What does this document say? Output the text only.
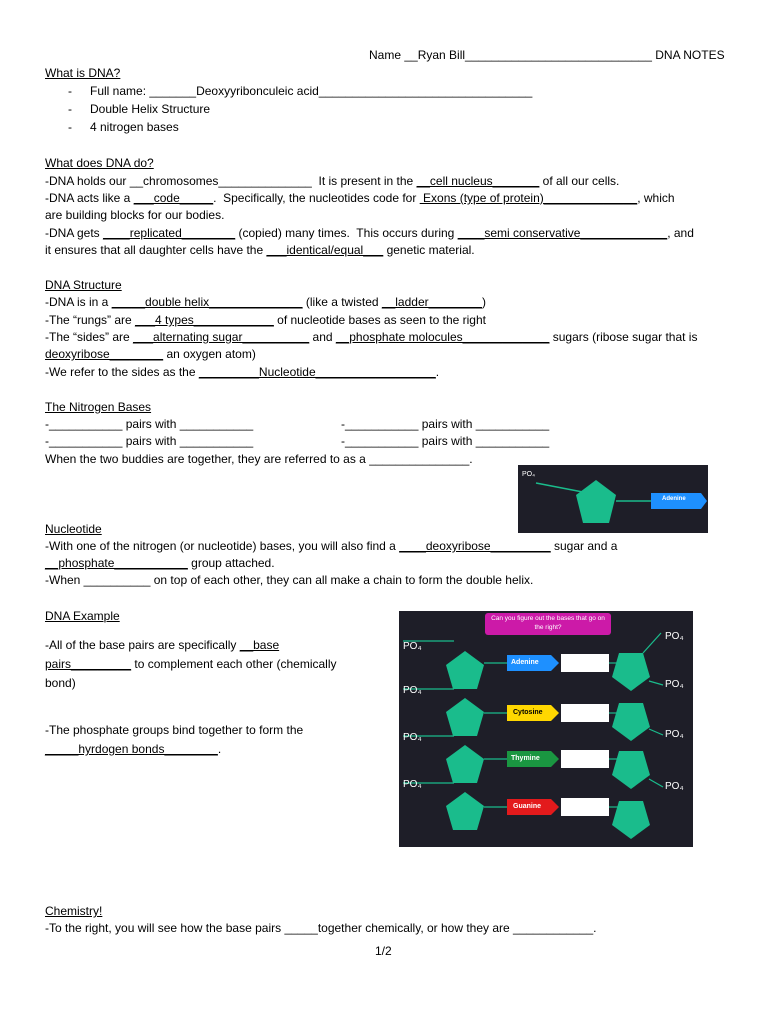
Name __Ryan Bill____________________________ DNA NOTES
What is DNA?
- Full name: _______Deoxyyribonculeic acid________________________________
- Double Helix Structure
- 4 nitrogen bases
What does DNA do?
-DNA holds our __chromosomes______________  It is present in the __cell nucleus_______ of all our cells.
-DNA acts like a ___code_____.  Specifically, the nucleotides code for  Exons (type of protein)______________, which
are building blocks for our bodies.
-DNA gets ____replicated________ (copied) many times.  This occurs during ____semi conservative_____________, and
it ensures that all daughter cells have the ___identical/equal___ genetic material.
DNA Structure
-DNA is in a _____double helix______________ (like a twisted __ladder________)
-The “rungs” are ___4 types____________ of nucleotide bases as seen to the right
-The “sides” are ___alternating sugar__________ and __phosphate molocules_____________ sugars (ribose sugar that is
deoxyribose________ an oxygen atom)
-We refer to the sides as the _________Nucleotide__________________.
The Nitrogen Bases
-___________ pairs with ___________	-___________ pairs with ___________
-___________ pairs with ___________	-___________ pairs with ___________
When the two buddies are together, they are referred to as a _______________.
PO₄
Adenine
Nucleotide
-With one of the nitrogen (or nucleotide) bases, you will also find a ____deoxyribose_________ sugar and a
__phosphate___________ group attached.
-When __________ on top of each other, they can all make a chain to form the double helix.
DNA Example
-All of the base pairs are specifically __base
pairs_________ to complement each other (chemically
bond)
-The phosphate groups bind together to form the
_____hyrdogen bonds________.
Can you figure out the bases that go on the right?
PO₄
PO₄
PO₄
PO₄
PO₄
PO₄
PO₄
PO₄
Adenine
Cytosine
Thymine
Guanine
Chemistry!
-To the right, you will see how the base pairs _____together chemically, or how they are ____________.
1/2
